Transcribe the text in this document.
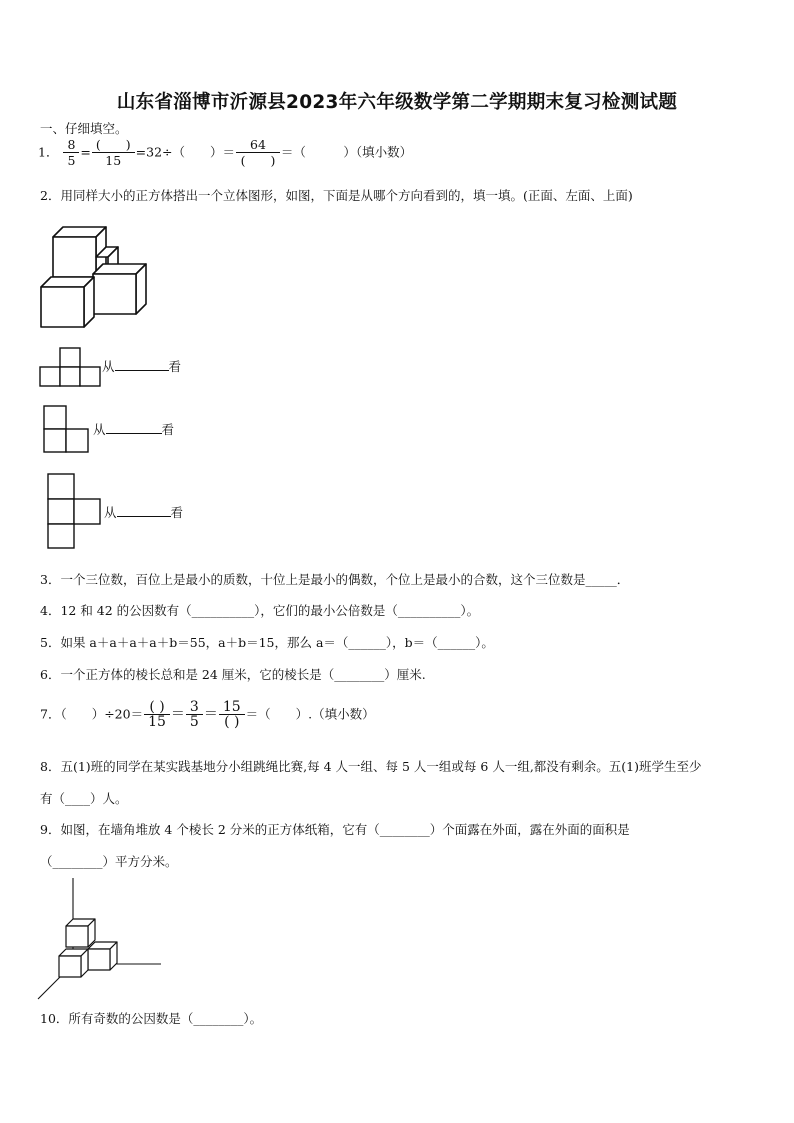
山东省淄博市沂源县2023年六年级数学第二学期期末复习检测试题
一、仔细填空。
1． $\frac{8}{5} = \frac{( )}{15} =32\div$（　　）＝ $\frac{64}{( )}$ ＝（　　　）（填小数）
2．用同样大小的正方体搭出一个立体图形，如图，下面是从哪个方向看到的，填一填。(正面、左面、上面)
从	看
从	看
从	看
3．一个三位数，百位上是最小的质数，十位上是最小的偶数，个位上是最小的合数，这个三位数是_____．
4．12 和 42 的公因数有（__________），它们的最小公倍数是（__________）。
5．如果 a＋a＋a＋a＋b＝55，a＋b＝15，那么 a＝（______），b＝（______）。
6．一个正方体的棱长总和是 24 厘米，它的棱长是（________）厘米.
7．（　　）$\div 20= \frac{( )}{15} = \frac{3}{5} = \frac{15}{( )}$ ＝（　　）.（填小数）
8．五(1)班的同学在某实践基地分小组跳绳比赛,每 4 人一组、每 5 人一组或每 6 人一组,都没有剩余。五(1)班学生至少
有（____）人。
9．如图，在墙角堆放 4 个棱长 2 分米的正方体纸箱，它有（________）个面露在外面，露在外面的面积是
（________）平方分米。
10．所有奇数的公因数是（________）。
